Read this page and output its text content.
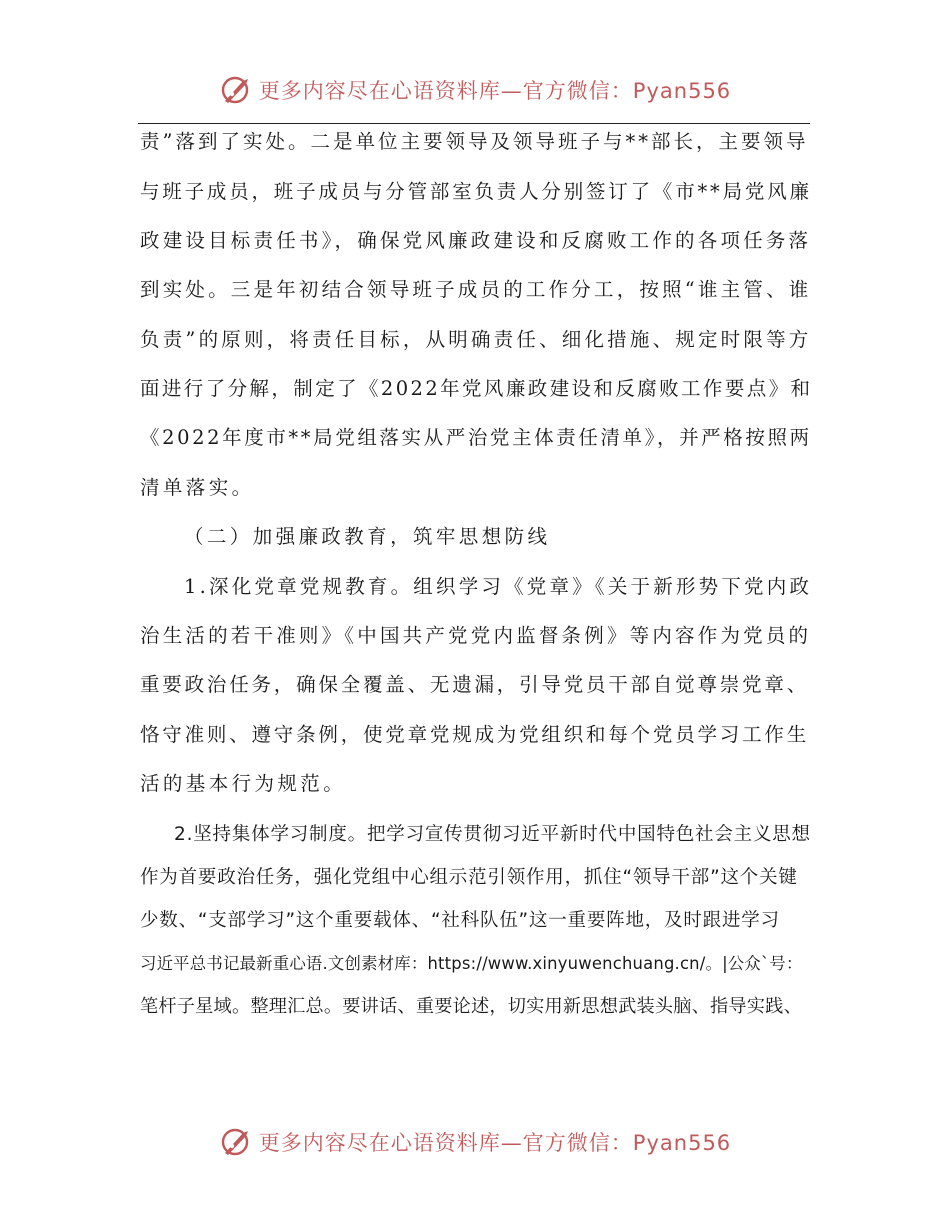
更多内容尽在心语资料库—官方微信：Pyan556
责”落到了实处。二是单位主要领导及领导班子与**部长，主要领导
与班子成员，班子成员与分管部室负责人分别签订了《市**局党风廉
政建设目标责任书》，确保党风廉政建设和反腐败工作的各项任务落
到实处。三是年初结合领导班子成员的工作分工，按照“谁主管、谁
负责”的原则，将责任目标，从明确责任、细化措施、规定时限等方
面进行了分解，制定了《2022年党风廉政建设和反腐败工作要点》和
《2022年度市**局党组落实从严治党主体责任清单》，并严格按照两
清单落实。
（二）加强廉政教育，筑牢思想防线
1.深化党章党规教育。组织学习《党章》《关于新形势下党内政
治生活的若干准则》《中国共产党党内监督条例》等内容作为党员的
重要政治任务，确保全覆盖、无遗漏，引导党员干部自觉尊崇党章、
恪守准则、遵守条例，使党章党规成为党组织和每个党员学习工作生
活的基本行为规范。
2.坚持集体学习制度。把学习宣传贯彻习近平新时代中国特色社会主义思想
作为首要政治任务，强化党组中心组示范引领作用，抓住“领导干部”这个关键
少数、“支部学习”这个重要载体、“社科队伍”这一重要阵地，及时跟进学习
习近平总书记最新重心语.文创素材库：https://www.xinyuwenchuang.cn/。|公众`号：
笔杆子星域。整理汇总。要讲话、重要论述，切实用新思想武装头脑、指导实践、
更多内容尽在心语资料库—官方微信：Pyan556
